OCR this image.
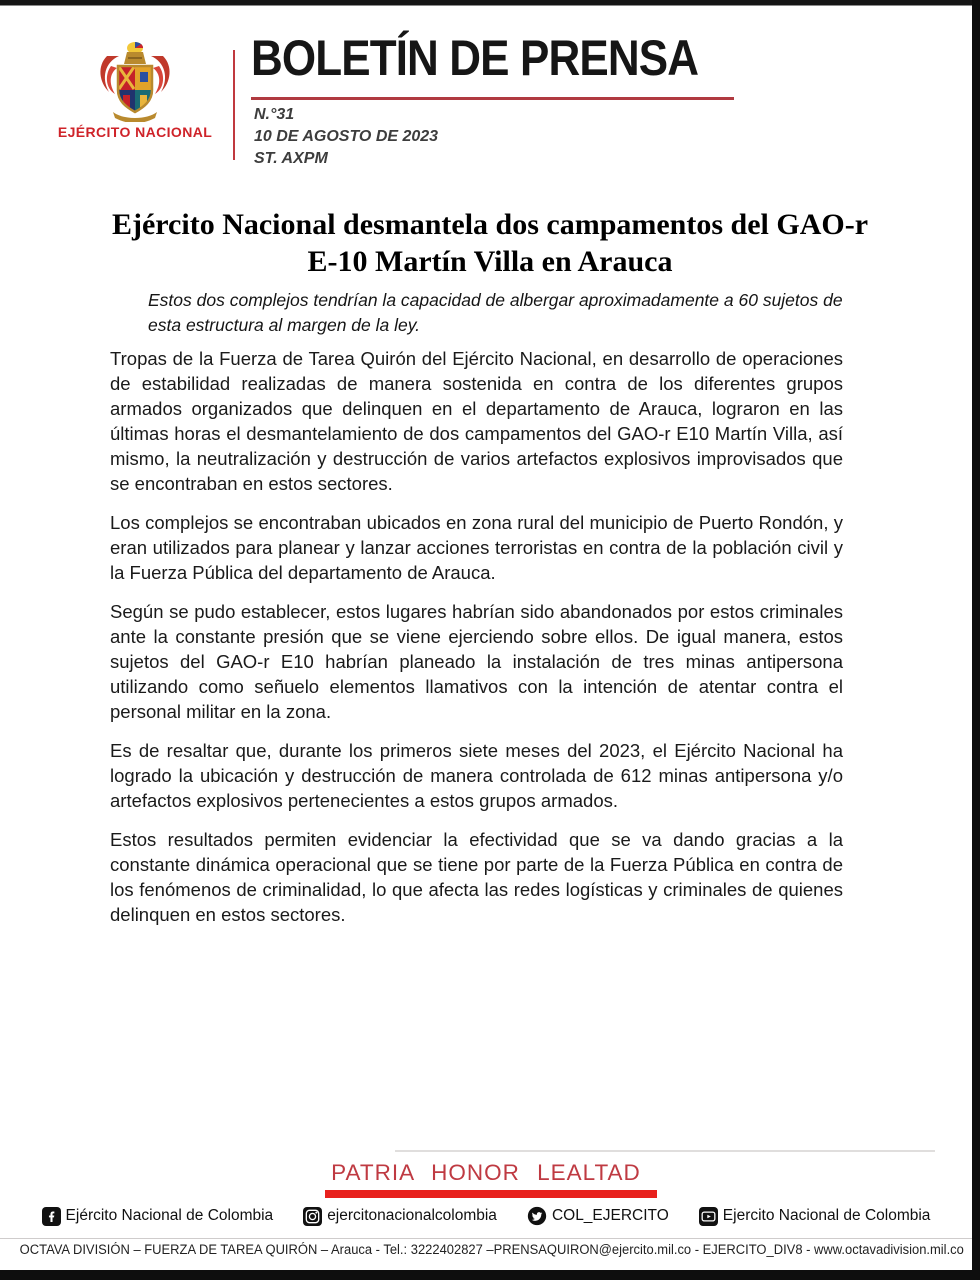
EJÉRCITO NACIONAL
BOLETÍN DE PRENSA
N.°31
10 DE AGOSTO DE 2023
ST. AXPM
Ejército Nacional desmantela dos campamentos del GAO-r E-10 Martín Villa en Arauca
Estos dos complejos tendrían la capacidad de albergar aproximadamente a 60 sujetos de esta estructura al margen de la ley.

Tropas de la Fuerza de Tarea Quirón del Ejército Nacional, en desarrollo de operaciones de estabilidad realizadas de manera sostenida en contra de los diferentes grupos armados organizados que delinquen en el departamento de Arauca, lograron en las últimas horas el desmantelamiento de dos campamentos del GAO-r E10 Martín Villa, así mismo, la neutralización y destrucción de varios artefactos explosivos improvisados que se encontraban en estos sectores.

Los complejos se encontraban ubicados en zona rural del municipio de Puerto Rondón, y eran utilizados para planear y lanzar acciones terroristas en contra de la población civil y la Fuerza Pública del departamento de Arauca.

Según se pudo establecer, estos lugares habrían sido abandonados por estos criminales ante la constante presión que se viene ejerciendo sobre ellos. De igual manera, estos sujetos del GAO-r E10 habrían planeado la instalación de tres minas antipersona utilizando como señuelo elementos llamativos con la intención de atentar contra el personal militar en la zona.

Es de resaltar que, durante los primeros siete meses del 2023, el Ejército Nacional ha logrado la ubicación y destrucción de manera controlada de 612 minas antipersona y/o artefactos explosivos pertenecientes a estos grupos armados.

Estos resultados permiten evidenciar la efectividad que se va dando gracias a la constante dinámica operacional que se tiene por parte de la Fuerza Pública en contra de los fenómenos de criminalidad, lo que afecta las redes logísticas y criminales de quienes delinquen en estos sectores.

PATRIA HONOR LEALTAD
Ejército Nacional de Colombia	ejercitonacionalcolombia	COL_EJERCITO	Ejercito Nacional de Colombia
OCTAVA DIVISIÓN – FUERZA DE TAREA QUIRÓN – Arauca - Tel.: 3222402827 –PRENSAQUIRON@ejercito.mil.co - EJERCITO_DIV8 - www.octavadivision.mil.co
